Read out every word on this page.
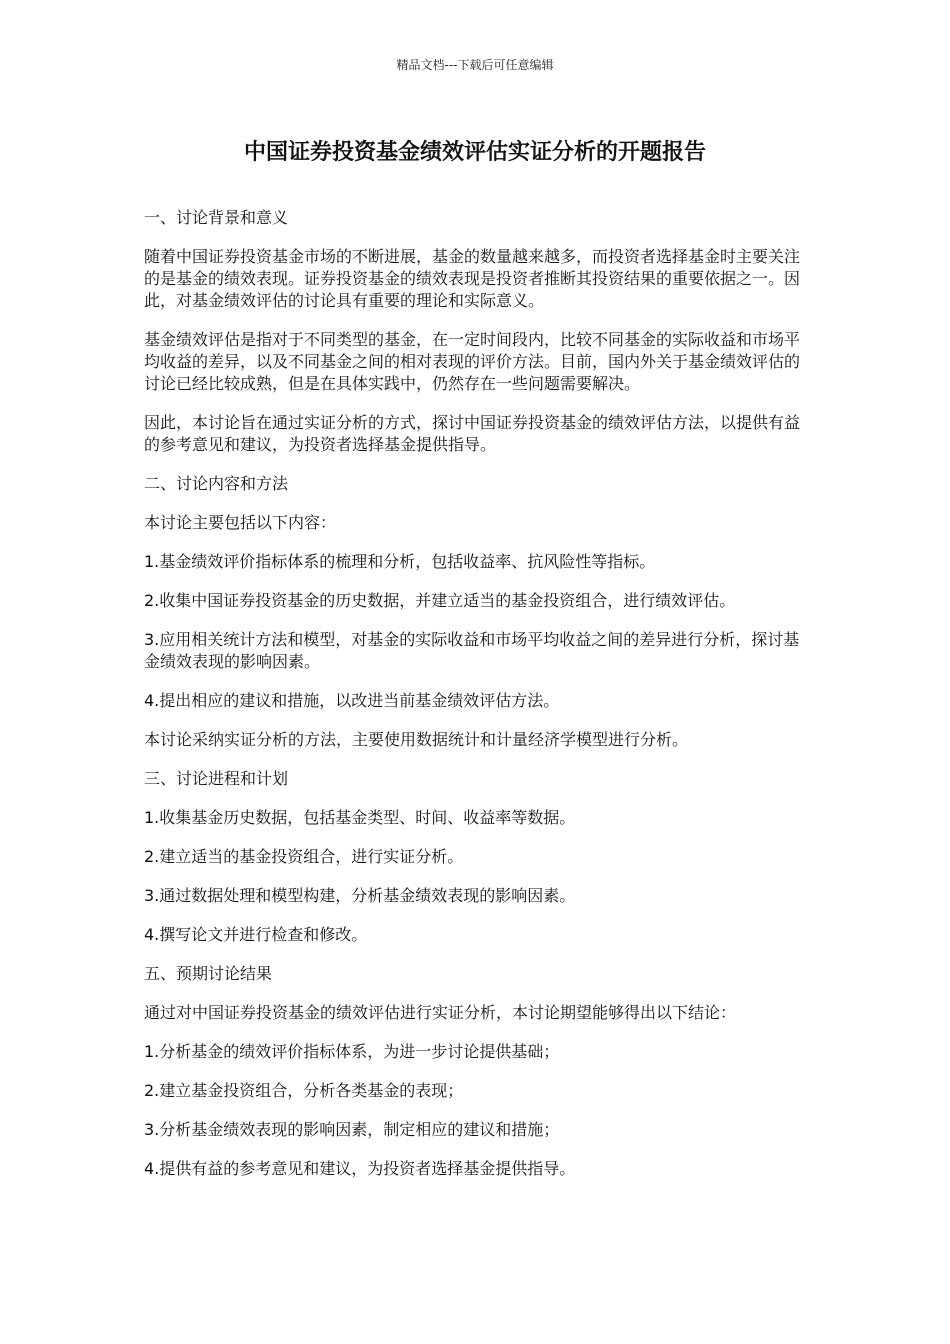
精品文档---下载后可任意编辑
中国证券投资基金绩效评估实证分析的开题报告

一、讨论背景和意义

随着中国证券投资基金市场的不断进展，基金的数量越来越多，而投资者选择基金时主要关注的是基金的绩效表现。证券投资基金的绩效表现是投资者推断其投资结果的重要依据之一。因此，对基金绩效评估的讨论具有重要的理论和实际意义。

基金绩效评估是指对于不同类型的基金，在一定时间段内，比较不同基金的实际收益和市场平均收益的差异，以及不同基金之间的相对表现的评价方法。目前，国内外关于基金绩效评估的讨论已经比较成熟，但是在具体实践中，仍然存在一些问题需要解决。

因此，本讨论旨在通过实证分析的方式，探讨中国证券投资基金的绩效评估方法，以提供有益的参考意见和建议，为投资者选择基金提供指导。

二、讨论内容和方法

本讨论主要包括以下内容：

1.基金绩效评价指标体系的梳理和分析，包括收益率、抗风险性等指标。

2.收集中国证券投资基金的历史数据，并建立适当的基金投资组合，进行绩效评估。

3.应用相关统计方法和模型，对基金的实际收益和市场平均收益之间的差异进行分析，探讨基金绩效表现的影响因素。

4.提出相应的建议和措施，以改进当前基金绩效评估方法。

本讨论采纳实证分析的方法，主要使用数据统计和计量经济学模型进行分析。

三、讨论进程和计划

1.收集基金历史数据，包括基金类型、时间、收益率等数据。

2.建立适当的基金投资组合，进行实证分析。

3.通过数据处理和模型构建，分析基金绩效表现的影响因素。

4.撰写论文并进行检查和修改。

五、预期讨论结果

通过对中国证券投资基金的绩效评估进行实证分析，本讨论期望能够得出以下结论：

1.分析基金的绩效评价指标体系，为进一步讨论提供基础；

2.建立基金投资组合，分析各类基金的表现；

3.分析基金绩效表现的影响因素，制定相应的建议和措施；

4.提供有益的参考意见和建议，为投资者选择基金提供指导。
